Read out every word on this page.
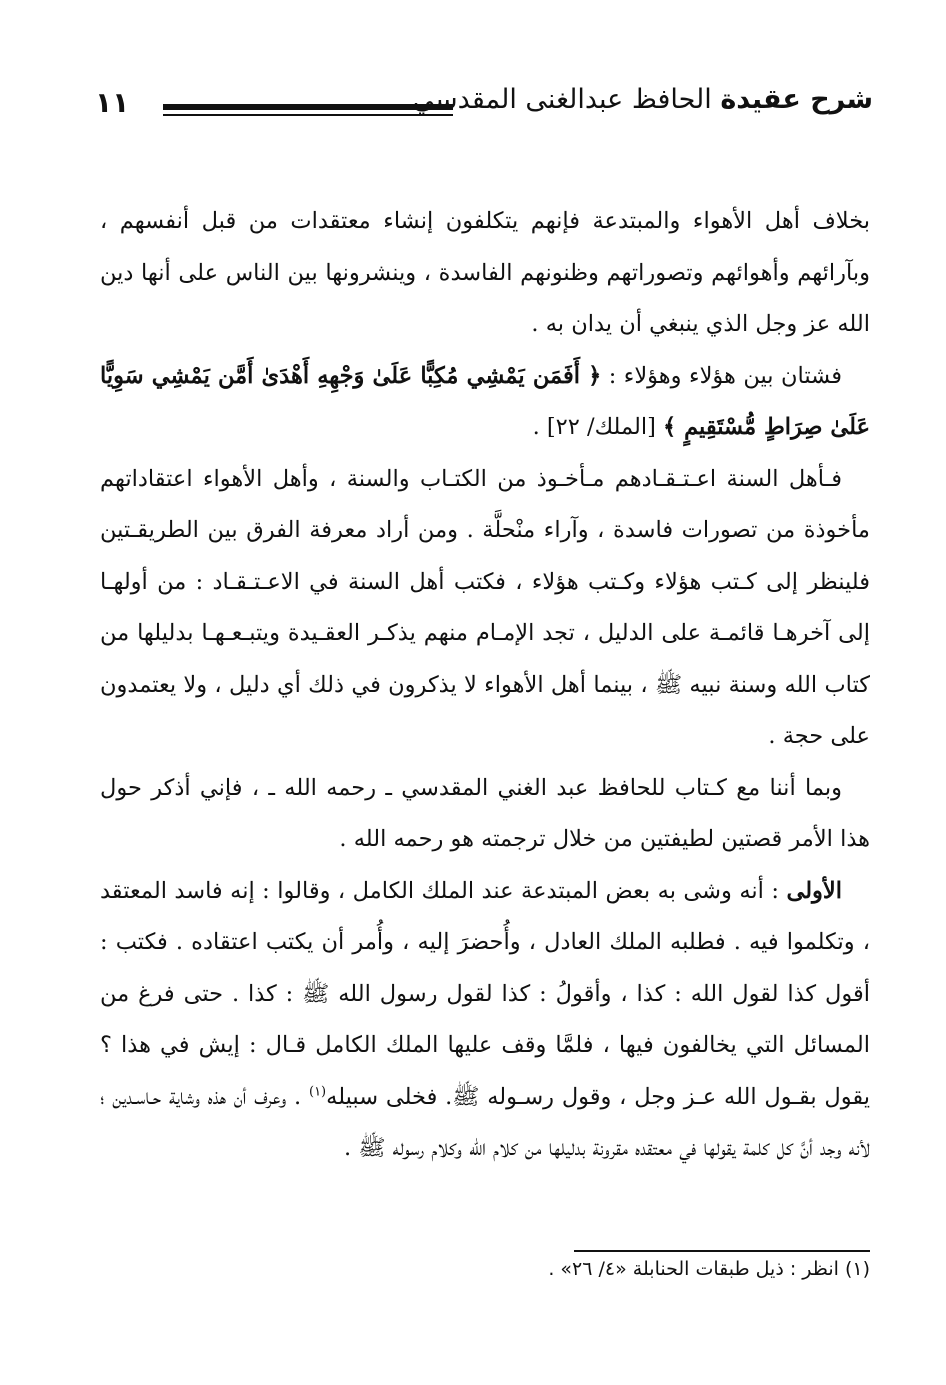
شرح عقيدة الحافظ عبدالغنى المقدسي
١١

بخلاف أهل الأهواء والمبتدعة فإنهم يتكلفون إنشاء معتقدات من قبل أنفسهم ، وبآرائهم وأهوائهم وتصوراتهم وظنونهم الفاسدة ، وينشرونها بين الناس على أنها دين الله عز وجل الذي ينبغي أن يدان به .

فشتان بين هؤلاء وهؤلاء : ﴿ أَفَمَن يَمْشِي مُكِبًّا عَلَىٰ وَجْهِهِ أَهْدَىٰ أَمَّن يَمْشِي سَوِيًّا عَلَىٰ صِرَاطٍ مُّسْتَقِيمٍ ﴾ [الملك/ ٢٢] .

فـأهل السنة اعـتـقـادهم مـأخـوذ من الكتـاب والسنة ، وأهل الأهواء اعتقاداتهم مأخوذة من تصورات فاسدة ، وآراء منْحلَّة . ومن أراد معرفة الفرق بين الطريقـتين فلينظر إلى كـتب هؤلاء وكـتب هؤلاء ، فكتب أهل السنة في الاعـتـقـاد : من أولهـا إلى آخرهـا قائمـة على الدليل ، تجد الإمـام منهم يذكـر العقـيدة ويتبـعـهـا بدليلها من كتاب الله وسنة نبيه ﷺ ، بينما أهل الأهواء لا يذكرون في ذلك أي دليل ، ولا يعتمدون على حجة .

وبما أننا مع كـتاب للحافظ عبد الغني المقدسي ـ رحمه الله ـ ، فإني أذكر حول هذا الأمر قصتين لطيفتين من خلال ترجمته هو رحمه الله .

الأولى : أنه وشى به بعض المبتدعة عند الملك الكامل ، وقالوا : إنه فاسد المعتقد ، وتكلموا فيه . فطلبه الملك العادل ، وأُحضرَ إليه ، وأُمر أن يكتب اعتقاده . فكتب : أقول كذا لقول الله : كذا ، وأقولُ : كذا لقول رسول الله ﷺ : كذا . حتى فرغ من المسائل التي يخالفون فيها ، فلمَّا وقف عليها الملك الكامل قـال : إيش في هذا ؟ يقول بقـول الله عـز وجل ، وقول رسـوله ﷺ. فخلى سبيله$^{(١)}$ . وعرف أن هذه وشاية حـاسـدين ؛ لأنه وجد أنَّ كل كلمة يقولها في معتقده مقرونة بدليلها من كلام الله وكلام رسوله ﷺ .

(١) انظر : ذيل طبقات الحنابلة «٤/ ٢٦» .
